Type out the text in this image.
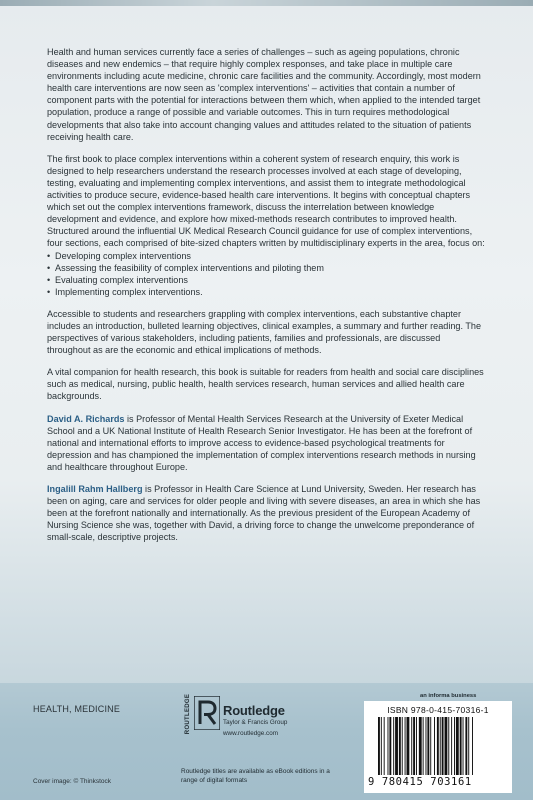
Health and human services currently face a series of challenges – such as ageing populations, chronic diseases and new endemics – that require highly complex responses, and take place in multiple care environments including acute medicine, chronic care facilities and the community. Accordingly, most modern health care interventions are now seen as 'complex interventions' – activities that contain a number of component parts with the potential for interactions between them which, when applied to the intended target population, produce a range of possible and variable outcomes. This in turn requires methodological developments that also take into account changing values and attitudes related to the situation of patients receiving health care.

The first book to place complex interventions within a coherent system of research enquiry, this work is designed to help researchers understand the research processes involved at each stage of developing, testing, evaluating and implementing complex interventions, and assist them to integrate methodological activities to produce secure, evidence-based health care interventions. It begins with conceptual chapters which set out the complex interventions framework, discuss the interrelation between knowledge development and evidence, and explore how mixed-methods research contributes to improved health. Structured around the influential UK Medical Research Council guidance for use of complex interventions, four sections, each comprised of bite-sized chapters written by multidisciplinary experts in the area, focus on:

• Developing complex interventions
• Assessing the feasibility of complex interventions and piloting them
• Evaluating complex interventions
• Implementing complex interventions.

Accessible to students and researchers grappling with complex interventions, each substantive chapter includes an introduction, bulleted learning objectives, clinical examples, a summary and further reading. The perspectives of various stakeholders, including patients, families and professionals, are discussed throughout as are the economic and ethical implications of methods.

A vital companion for health research, this book is suitable for readers from health and social care disciplines such as medical, nursing, public health, health services research, human services and allied health care backgrounds.

David A. Richards is Professor of Mental Health Services Research at the University of Exeter Medical School and a UK National Institute of Health Research Senior Investigator. He has been at the forefront of national and international efforts to improve access to evidence-based psychological treatments for depression and has championed the implementation of complex interventions research methods in nursing and healthcare throughout Europe.

Ingalill Rahm Hallberg is Professor in Health Care Science at Lund University, Sweden. Her research has been on aging, care and services for older people and living with severe diseases, an area in which she has been at the forefront nationally and internationally. As the previous president of the European Academy of Nursing Science she was, together with David, a driving force to change the unwelcome preponderance of small-scale, descriptive projects.

HEALTH, MEDICINE
Cover image: © Thinkstock
ROUTLEDGE Routledge
Taylor & Francis Group
www.routledge.com
Routledge titles are available as eBook editions in a range of digital formats
an informa business
ISBN 978-0-415-70316-1
9 780415 703161
